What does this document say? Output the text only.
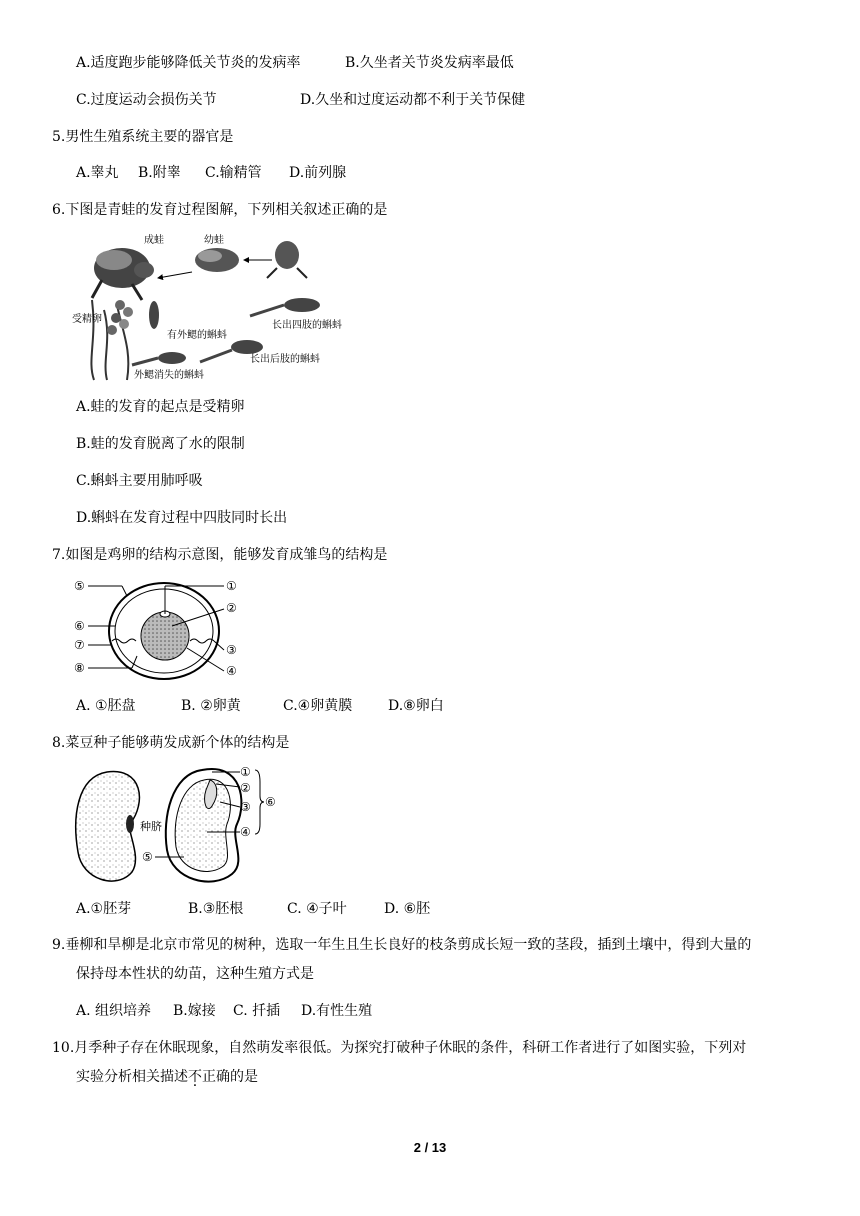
A.适度跑步能够降低关节炎的发病率	B.久坐者关节炎发病率最低
C.过度运动会损伤关节	D.久坐和过度运动都不利于关节保健
5.男性生殖系统主要的器官是
A.睾丸 B.附睾 C.输精管 D.前列腺
6.下图是青蛙的发育过程图解，下列相关叙述正确的是
成蛙	幼蛙
受精卵
有外鳃的蝌蚪
长出四肢的蝌蚪
长出后肢的蝌蚪
外鳃消失的蝌蚪
A.蛙的发育的起点是受精卵
B.蛙的发育脱离了水的限制
C.蝌蚪主要用肺呼吸
D.蝌蚪在发育过程中四肢同时长出
7.如图是鸡卵的结构示意图，能够发育成雏鸟的结构是
①
②
③
④
⑤
⑥
⑦
⑧
A. ①胚盘	B. ②卵黄	C.④卵黄膜	D.⑧卵白
8.菜豆种子能够萌发成新个体的结构是
种脐
①
②
③
④
⑤
⑥
A.①胚芽	B.③胚根	C. ④子叶	D. ⑥胚
9.垂柳和旱柳是北京市常见的树种，选取一年生且生长良好的枝条剪成长短一致的茎段，插到土壤中，得到大量的
保持母本性状的幼苗，这种生殖方式是
A. 组织培养 B.嫁接 C. 扦插 D.有性生殖
10.月季种子存在休眠现象，自然萌发率很低。为探究打破种子休眠的条件，科研工作者进行了如图实验，下列对
实验分析相关描述不正确的是
2 / 13
